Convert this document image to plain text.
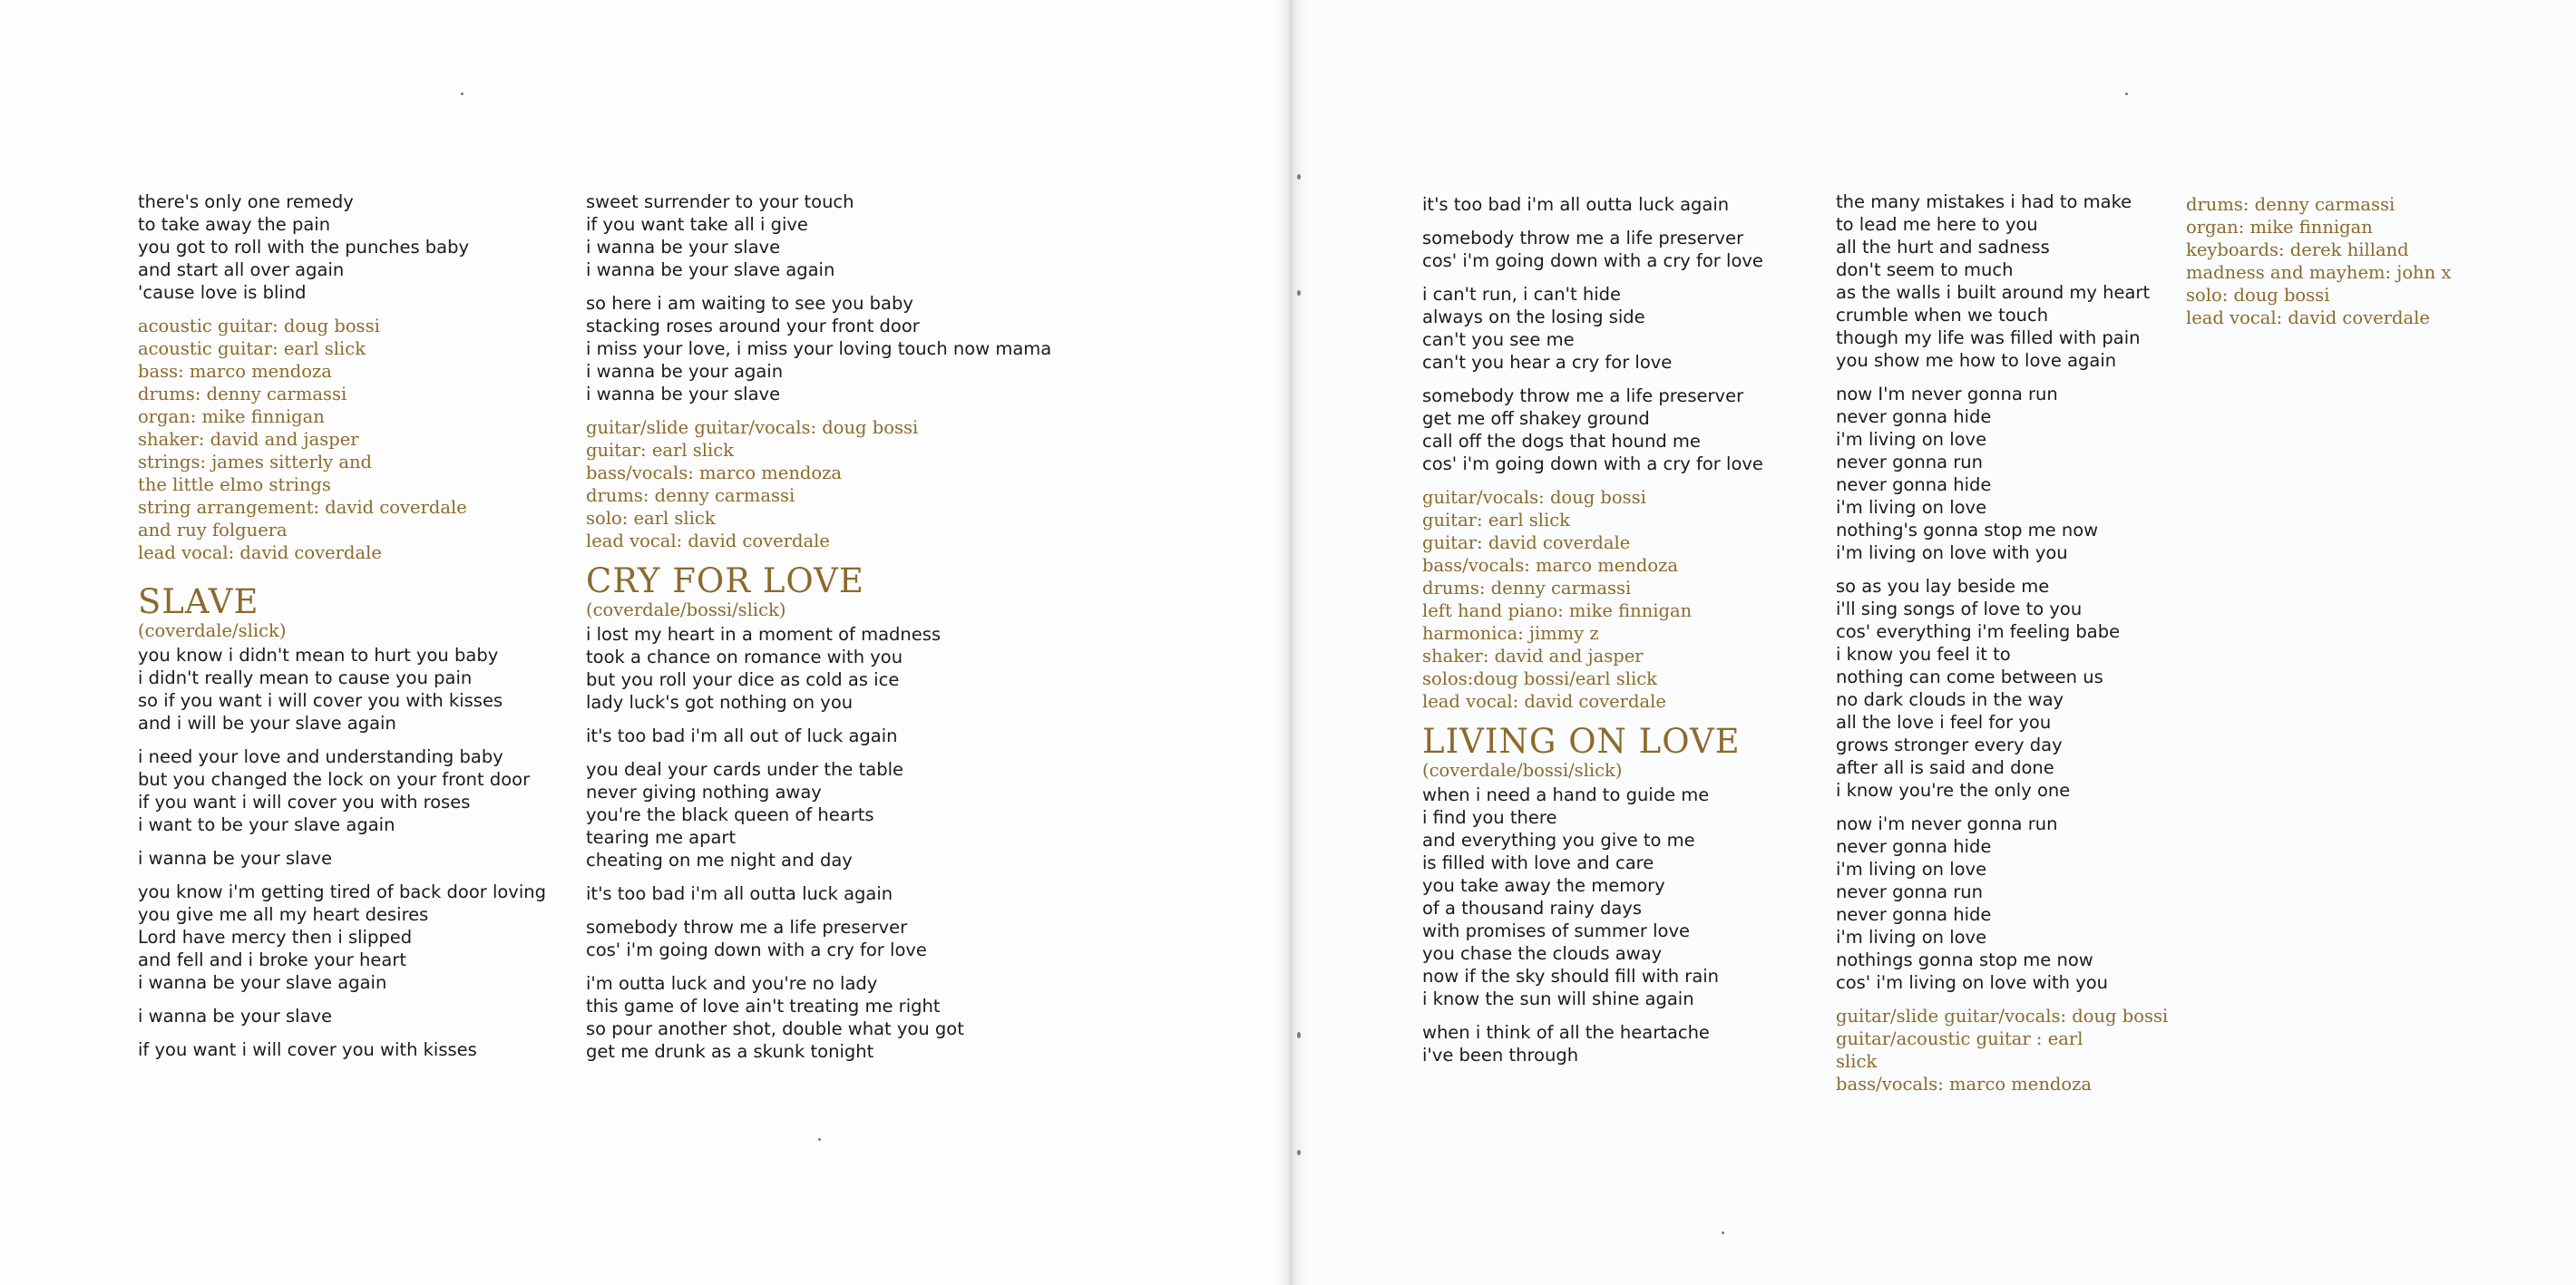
there's only one remedy
to take away the pain
you got to roll with the punches baby
and start all over again
'cause love is blind
acoustic guitar: doug bossi
acoustic guitar: earl slick
bass: marco mendoza
drums: denny carmassi
organ: mike finnigan
shaker: david and jasper
strings: james sitterly and
the little elmo strings
string arrangement: david coverdale
and ruy folguera
lead vocal: david coverdale
SLAVE
(coverdale/slick)
you know i didn't mean to hurt you baby
i didn't really mean to cause you pain
so if you want i will cover you with kisses
and i will be your slave again
i need your love and understanding baby
but you changed the lock on your front door
if you want i will cover you with roses
i want to be your slave again
i wanna be your slave
you know i'm getting tired of back door loving
you give me all my heart desires
Lord have mercy then i slipped
and fell and i broke your heart
i wanna be your slave again
i wanna be your slave
if you want i will cover you with kisses
sweet surrender to your touch
if you want take all i give
i wanna be your slave
i wanna be your slave again
so here i am waiting to see you baby
stacking roses around your front door
i miss your love, i miss your loving touch now mama
i wanna be your again
i wanna be your slave
guitar/slide guitar/vocals: doug bossi
guitar: earl slick
bass/vocals: marco mendoza
drums: denny carmassi
solo: earl slick
lead vocal: david coverdale
CRY FOR LOVE
(coverdale/bossi/slick)
i lost my heart in a moment of madness
took a chance on romance with you
but you roll your dice as cold as ice
lady luck's got nothing on you
it's too bad i'm all out of luck again
you deal your cards under the table
never giving nothing away
you're the black queen of hearts
tearing me apart
cheating on me night and day
it's too bad i'm all outta luck again
somebody throw me a life preserver
cos' i'm going down with a cry for love
i'm outta luck and you're no lady
this game of love ain't treating me right
so pour another shot, double what you got
get me drunk as a skunk tonight
it's too bad i'm all outta luck again
somebody throw me a life preserver
cos' i'm going down with a cry for love
i can't run, i can't hide
always on the losing side
can't you see me
can't you hear a cry for love
somebody throw me a life preserver
get me off shakey ground
call off the dogs that hound me
cos' i'm going down with a cry for love
guitar/vocals: doug bossi
guitar: earl slick
guitar: david coverdale
bass/vocals: marco mendoza
drums: denny carmassi
left hand piano: mike finnigan
harmonica: jimmy z
shaker: david and jasper
solos:doug bossi/earl slick
lead vocal: david coverdale
LIVING ON LOVE
(coverdale/bossi/slick)
when i need a hand to guide me
i find you there
and everything you give to me
is filled with love and care
you take away the memory
of a thousand rainy days
with promises of summer love
you chase the clouds away
now if the sky should fill with rain
i know the sun will shine again
when i think of all the heartache
i've been through
the many mistakes i had to make
to lead me here to you
all the hurt and sadness
don't seem to much
as the walls i built around my heart
crumble when we touch
though my life was filled with pain
you show me how to love again
now I'm never gonna run
never gonna hide
i'm living on love
never gonna run
never gonna hide
i'm living on love
nothing's gonna stop me now
i'm living on love with you
so as you lay beside me
i'll sing songs of love to you
cos' everything i'm feeling babe
i know you feel it to
nothing can come between us
no dark clouds in the way
all the love i feel for you
grows stronger every day
after all is said and done
i know you're the only one
now i'm never gonna run
never gonna hide
i'm living on love
never gonna run
never gonna hide
i'm living on love
nothings gonna stop me now
cos' i'm living on love with you
guitar/slide guitar/vocals: doug bossi
guitar/acoustic guitar : earl
slick
bass/vocals: marco mendoza
drums: denny carmassi
organ: mike finnigan
keyboards: derek hilland
madness and mayhem: john x
solo: doug bossi
lead vocal: david coverdale
